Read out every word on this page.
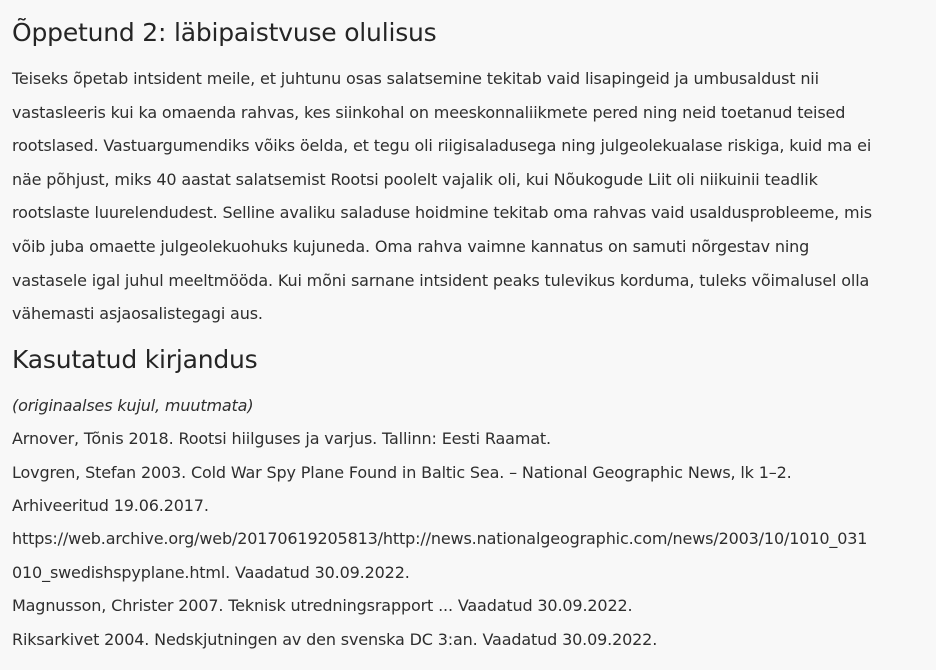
Õppetund 2: läbipaistvuse olulisus

Teiseks õpetab intsident meile, et juhtunu osas salatsemine tekitab vaid lisapingeid ja umbusaldust nii
vastasleeris kui ka omaenda rahvas, kes siinkohal on meeskonnaliikmete pered ning neid toetanud teised
rootslased. Vastuargumendiks võiks öelda, et tegu oli riigisaladusega ning julgeolekualase riskiga, kuid ma ei
näe põhjust, miks 40 aastat salatsemist Rootsi poolelt vajalik oli, kui Nõukogude Liit oli niikuinii teadlik
rootslaste luurelendudest. Selline avaliku saladuse hoidmine tekitab oma rahvas vaid usaldusprobleeme, mis
võib juba omaette julgeolekuohuks kujuneda. Oma rahva vaimne kannatus on samuti nõrgestav ning
vastasele igal juhul meeltmööda. Kui mõni sarnane intsident peaks tulevikus korduma, tuleks võimalusel olla
vähemasti asjaosalistegagi aus.

Kasutatud kirjandus
(originaalses kujul, muutmata)
Arnover, Tõnis 2018. Rootsi hiilguses ja varjus. Tallinn: Eesti Raamat.
Lovgren, Stefan 2003. Cold War Spy Plane Found in Baltic Sea. – National Geographic News, lk 1–2.
Arhiveeritud 19.06.2017.
https://web.archive.org/web/20170619205813/http://news.nationalgeographic.com/news/2003/10/1010_031
010_swedishspyplane.html. Vaadatud 30.09.2022.
Magnusson, Christer 2007. Teknisk utredningsrapport ... Vaadatud 30.09.2022.
Riksarkivet 2004. Nedskjutningen av den svenska DC 3:an. Vaadatud 30.09.2022.
